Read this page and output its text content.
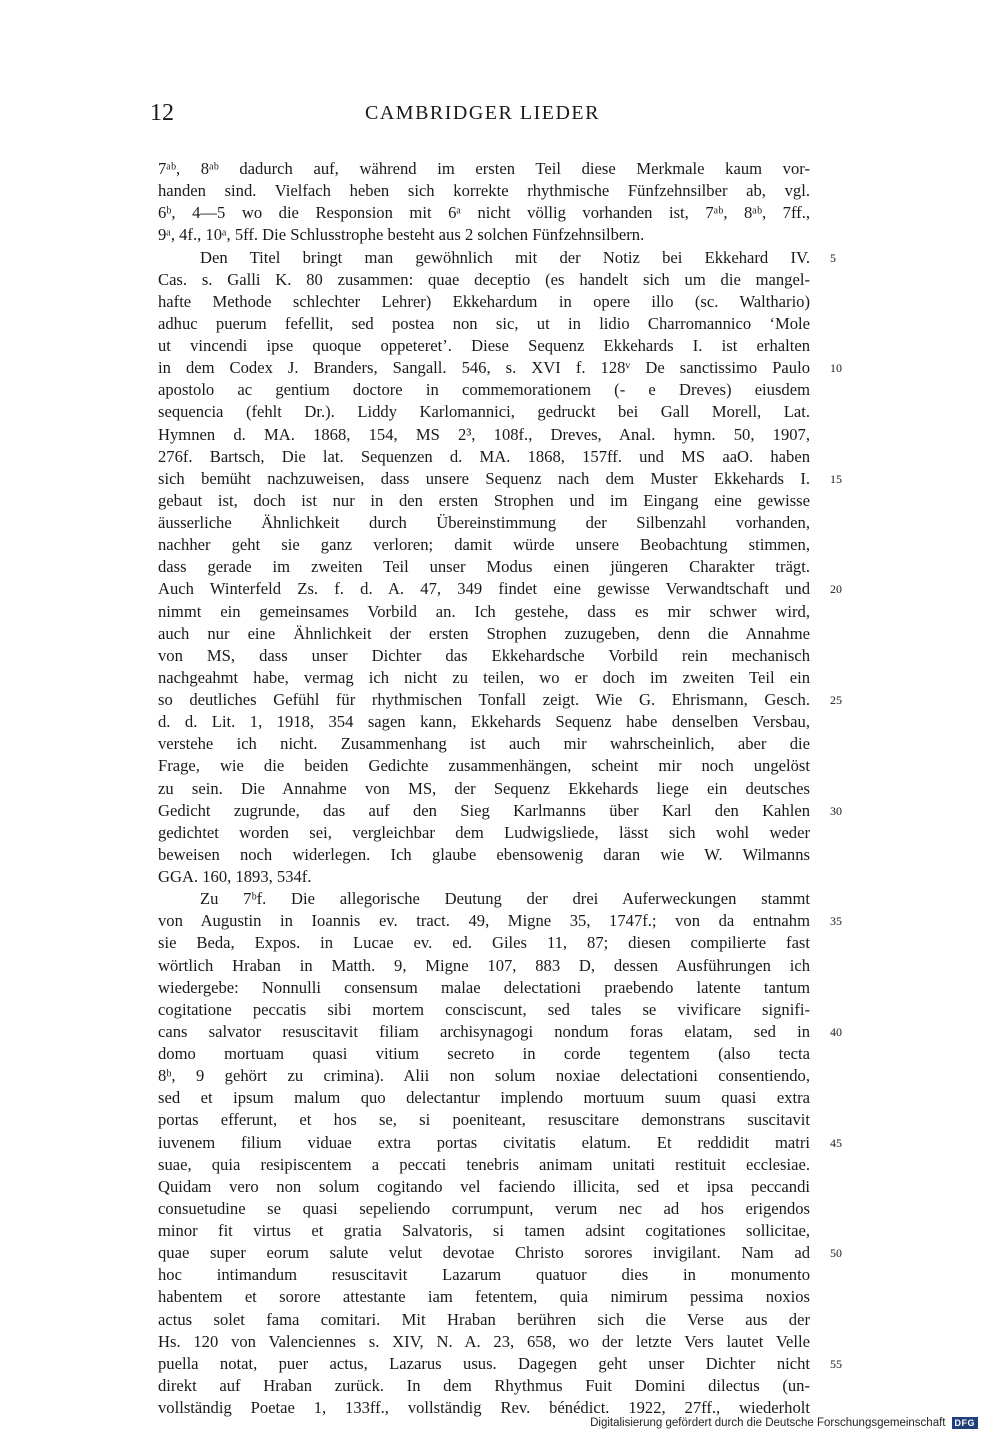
12	CAMBRIDGER LIEDER
7ᵃᵇ, 8ᵃᵇ dadurch auf, während im ersten Teil diese Merkmale kaum vor-
handen sind. Vielfach heben sich korrekte rhythmische Fünfzehnsilber ab, vgl.
6ᵇ, 4—5 wo die Responsion mit 6ᵃ nicht völlig vorhanden ist, 7ᵃᵇ, 8ᵃᵇ, 7ff.,
9ᵃ, 4f., 10ᵃ, 5ff. Die Schlusstrophe besteht aus 2 solchen Fünfzehnsilbern.
Den Titel bringt man gewöhnlich mit der Notiz bei Ekkehard IV. 5
Cas. s. Galli K. 80 zusammen: quae deceptio (es handelt sich um die mangel-
hafte Methode schlechter Lehrer) Ekkehardum in opere illo (sc. Walthario)
adhuc puerum fefellit, sed postea non sic, ut in lidio Charromannico ‘Mole
ut vincendi ipse quoque oppeteret’. Diese Sequenz Ekkehards I. ist erhalten
in dem Codex J. Branders, Sangall. 546, s. XVI f. 128ᵛ De sanctissimo Paulo 10
apostolo ac gentium doctore in commemorationem (- e Dreves) eiusdem
sequencia (fehlt Dr.). Liddy Karlomannici, gedruckt bei Gall Morell, Lat.
Hymnen d. MA. 1868, 154, MS 2³, 108f., Dreves, Anal. hymn. 50, 1907,
276f. Bartsch, Die lat. Sequenzen d. MA. 1868, 157ff. und MS aaO. haben
sich bemüht nachzuweisen, dass unsere Sequenz nach dem Muster Ekkehards I. 15
gebaut ist, doch ist nur in den ersten Strophen und im Eingang eine gewisse
äusserliche Ähnlichkeit durch Übereinstimmung der Silbenzahl vorhanden,
nachher geht sie ganz verloren; damit würde unsere Beobachtung stimmen,
dass gerade im zweiten Teil unser Modus einen jüngeren Charakter trägt.
Auch Winterfeld Zs. f. d. A. 47, 349 findet eine gewisse Verwandtschaft und 20
nimmt ein gemeinsames Vorbild an. Ich gestehe, dass es mir schwer wird,
auch nur eine Ähnlichkeit der ersten Strophen zuzugeben, denn die Annahme
von MS, dass unser Dichter das Ekkehardsche Vorbild rein mechanisch
nachgeahmt habe, vermag ich nicht zu teilen, wo er doch im zweiten Teil ein
so deutliches Gefühl für rhythmischen Tonfall zeigt. Wie G. Ehrismann, Gesch. 25
d. d. Lit. 1, 1918, 354 sagen kann, Ekkehards Sequenz habe denselben Versbau,
verstehe ich nicht. Zusammenhang ist auch mir wahrscheinlich, aber die
Frage, wie die beiden Gedichte zusammenhängen, scheint mir noch ungelöst
zu sein. Die Annahme von MS, der Sequenz Ekkehards liege ein deutsches
Gedicht zugrunde, das auf den Sieg Karlmanns über Karl den Kahlen 30
gedichtet worden sei, vergleichbar dem Ludwigsliede, lässt sich wohl weder
beweisen noch widerlegen. Ich glaube ebensowenig daran wie W. Wilmanns
GGA. 160, 1893, 534f.
Zu 7ᵇf. Die allegorische Deutung der drei Auferweckungen stammt
von Augustin in Ioannis ev. tract. 49, Migne 35, 1747f.; von da entnahm 35
sie Beda, Expos. in Lucae ev. ed. Giles 11, 87; diesen compilierte fast
wörtlich Hraban in Matth. 9, Migne 107, 883 D, dessen Ausführungen ich
wiedergebe: Nonnulli consensum malae delectationi praebendo latente tantum
cogitatione peccatis sibi mortem consciscunt, sed tales se vivificare signifi-
cans salvator resuscitavit filiam archisynagogi nondum foras elatam, sed in 40
domo mortuam quasi vitium secreto in corde tegentem (also tecta
8ᵇ, 9 gehört zu crimina). Alii non solum noxiae delectationi consentiendo,
sed et ipsum malum quo delectantur implendo mortuum suum quasi extra
portas efferunt, et hos se, si poeniteant, resuscitare demonstrans suscitavit
iuvenem filium viduae extra portas civitatis elatum. Et reddidit matri 45
suae, quia resipiscentem a peccati tenebris animam unitati restituit ecclesiae.
Quidam vero non solum cogitando vel faciendo illicita, sed et ipsa peccandi
consuetudine se quasi sepeliendo corrumpunt, verum nec ad hos erigendos
minor fit virtus et gratia Salvatoris, si tamen adsint cogitationes sollicitae,
quae super eorum salute velut devotae Christo sorores invigilant. Nam ad 50
hoc intimandum resuscitavit Lazarum quatuor dies in monumento
habentem et sorore attestante iam fetentem, quia nimirum pessima noxios
actus solet fama comitari. Mit Hraban berühren sich die Verse aus der
Hs. 120 von Valenciennes s. XIV, N. A. 23, 658, wo der letzte Vers lautet Velle
puella notat, puer actus, Lazarus usus. Dagegen geht unser Dichter nicht 55
direkt auf Hraban zurück. In dem Rhythmus Fuit Domini dilectus (un-
vollständig Poetae 1, 133ff., vollständig Rev. bénédict. 1922, 27ff., wiederholt
Digitalisierung gefördert durch die Deutsche Forschungsgemeinschaft	DFG
